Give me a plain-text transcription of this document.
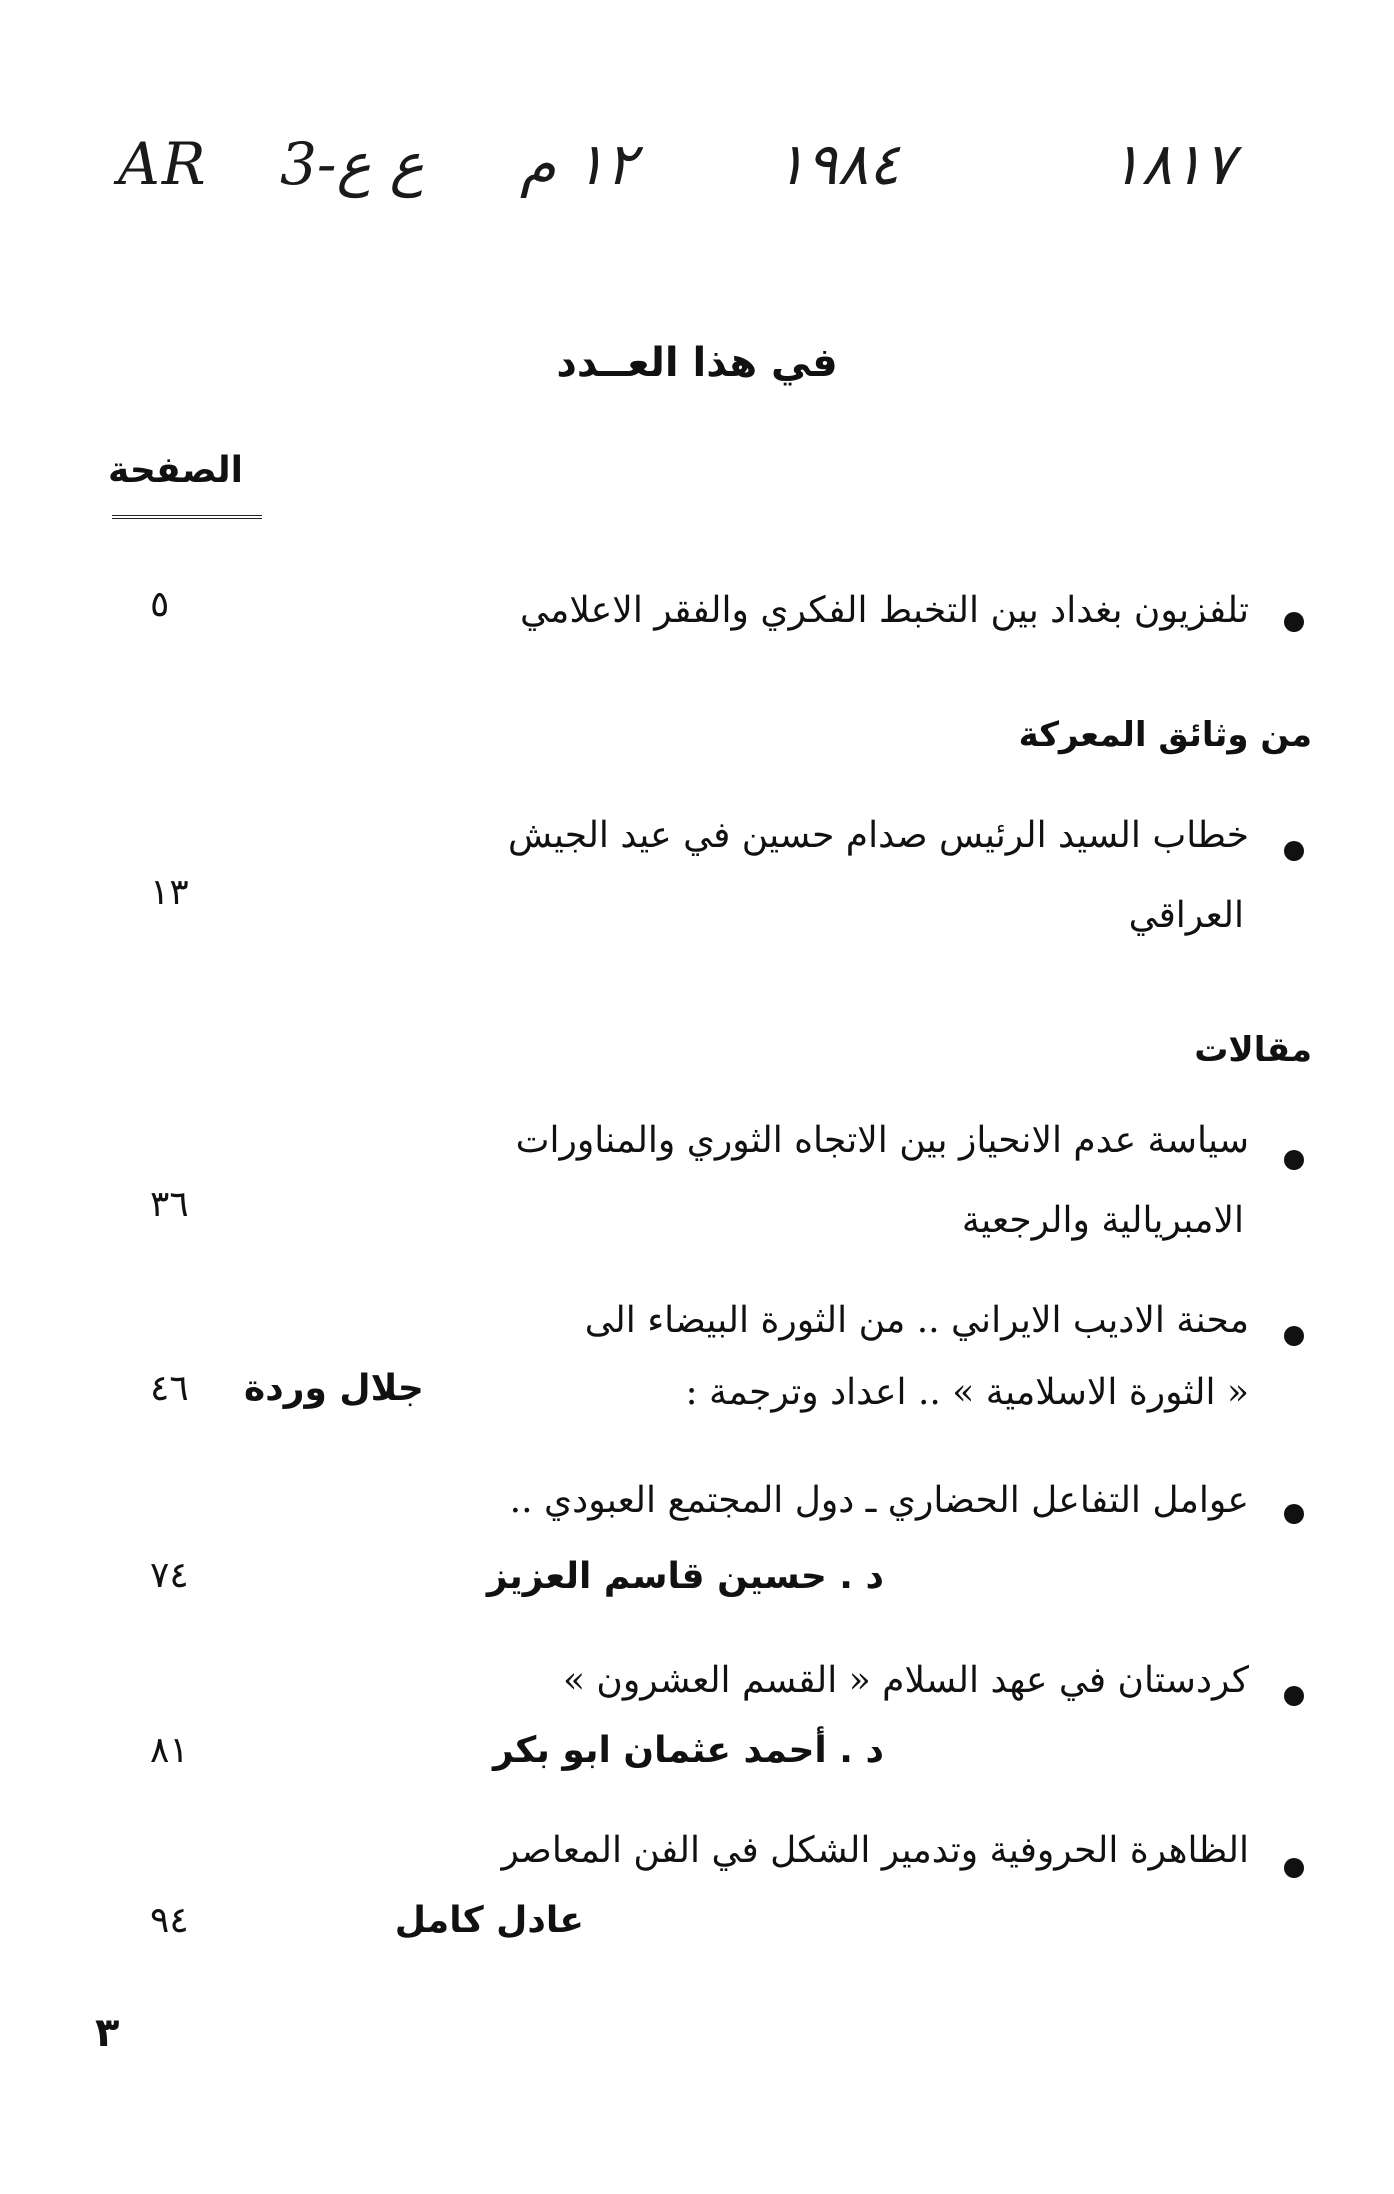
AR 3-ع ع ١٢ م ١٩٨٤	١٨١٧
في هذا العــدد
الصفحة
تلفزيون بغداد بين التخبط الفكري والفقر الاعلامي
٥
من وثائق المعركة
خطاب السيد الرئيس صدام حسين في عيد الجيش
العراقي
١٣
مقالات
سياسة عدم الانحياز بين الاتجاه الثوري والمناورات
الامبريالية والرجعية
٣٦
محنة الاديب الايراني .. من الثورة البيضاء الى
« الثورة الاسلامية » .. اعداد وترجمة :
جلال وردة
٤٦
عوامل التفاعل الحضاري ـ دول المجتمع العبودي ..
د . حسين قاسم العزيز
٧٤
كردستان في عهد السلام « القسم العشرون »
د . أحمد عثمان ابو بكر
٨١
الظاهرة الحروفية وتدمير الشكل في الفن المعاصر
عادل كامل
٩٤
٣
